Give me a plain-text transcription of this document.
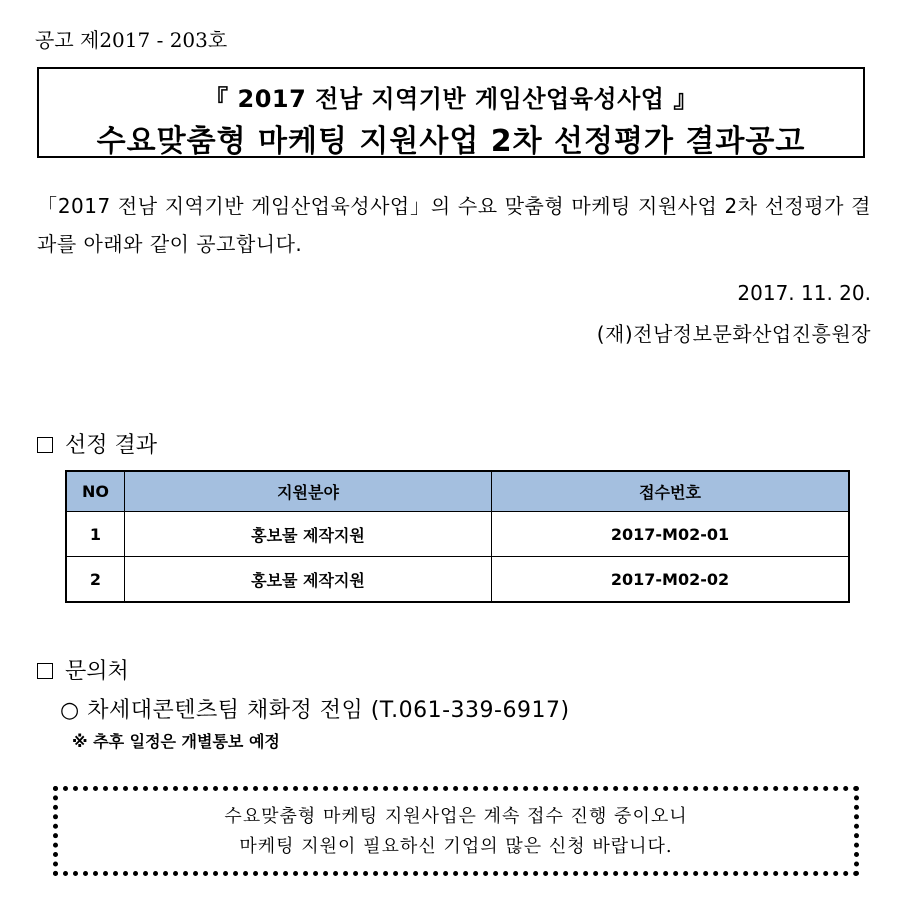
공고 제2017 - 203호
『 2017 전남 지역기반 게임산업육성사업 』
수요맞춤형 마케팅 지원사업 2차 선정평가 결과공고
「2017 전남 지역기반 게임산업육성사업」의 수요 맞춤형 마케팅 지원사업 2차 선정평가 결과를 아래와 같이 공고합니다.
2017. 11. 20.
(재)전남정보문화산업진흥원장
선정 결과
NO	지원분야	접수번호
1	홍보물 제작지원	2017-M02-01
2	홍보물 제작지원	2017-M02-02
문의처
○ 차세대콘텐츠팀 채화정 전임 (T.061-339-6917)
※ 추후 일정은 개별통보 예정
수요맞춤형 마케팅 지원사업은 계속 접수 진행 중이오니
마케팅 지원이 필요하신 기업의 많은 신청 바랍니다.
